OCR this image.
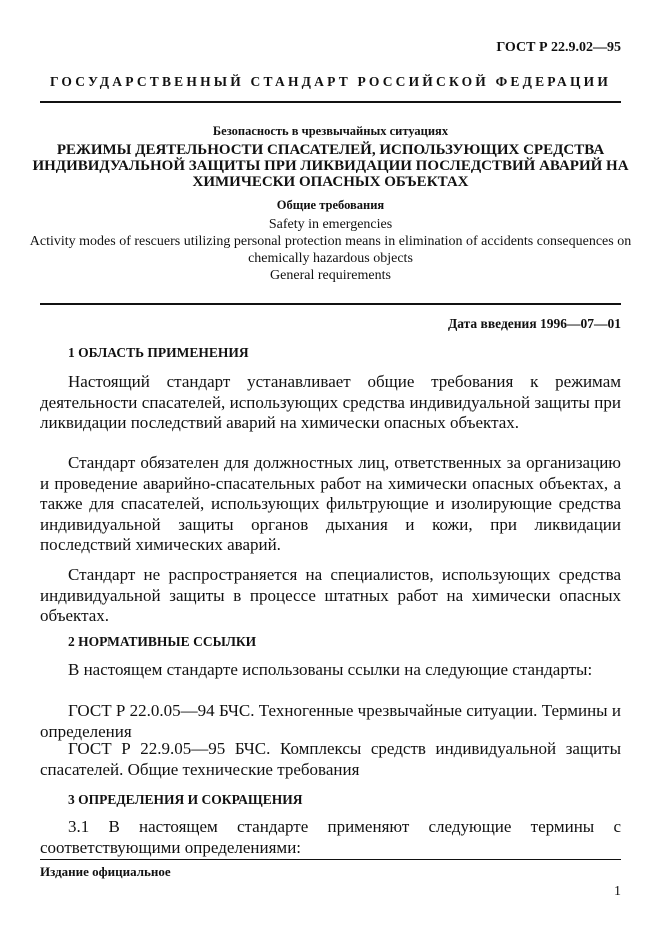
ГОСТ Р 22.9.02—95
ГОСУДАРСТВЕННЫЙ СТАНДАРТ РОССИЙСКОЙ ФЕДЕРАЦИИ
Безопасность в чрезвычайных ситуациях
РЕЖИМЫ ДЕЯТЕЛЬНОСТИ СПАСАТЕЛЕЙ, ИСПОЛЬЗУЮЩИХ СРЕДСТВА ИНДИВИДУАЛЬНОЙ ЗАЩИТЫ ПРИ ЛИКВИДАЦИИ ПОСЛЕДСТВИЙ АВАРИЙ НА ХИМИЧЕСКИ ОПАСНЫХ ОБЪЕКТАХ
Общие требования
Safety in emergencies
Activity modes of rescuers utilizing personal protection means in elimination of accidents consequences on chemically hazardous objects
General requirements
Дата введения 1996—07—01
1 ОБЛАСТЬ ПРИМЕНЕНИЯ
Настоящий стандарт устанавливает общие требования к режимам деятельности спасателей, использующих средства индивидуальной защиты при ликвидации последствий аварий на химически опасных объектах.
Стандарт обязателен для должностных лиц, ответственных за организацию и проведение аварийно-спасательных работ на химически опасных объектах, а также для спасателей, использующих фильтрующие и изолирующие средства индивидуальной защиты органов дыхания и кожи, при ликвидации последствий химических аварий.
Стандарт не распространяется на специалистов, использующих средства индивидуальной защиты в процессе штатных работ на химически опасных объектах.
2 НОРМАТИВНЫЕ ССЫЛКИ
В настоящем стандарте использованы ссылки на следующие стандарты:
ГОСТ Р 22.0.05—94 БЧС. Техногенные чрезвычайные ситуации. Термины и определения
ГОСТ Р 22.9.05—95 БЧС. Комплексы средств индивидуальной защиты спасателей. Общие технические требования
3 ОПРЕДЕЛЕНИЯ И СОКРАЩЕНИЯ
3.1 В настоящем стандарте применяют следующие термины с соответствующими определениями:
Издание официальное
1
